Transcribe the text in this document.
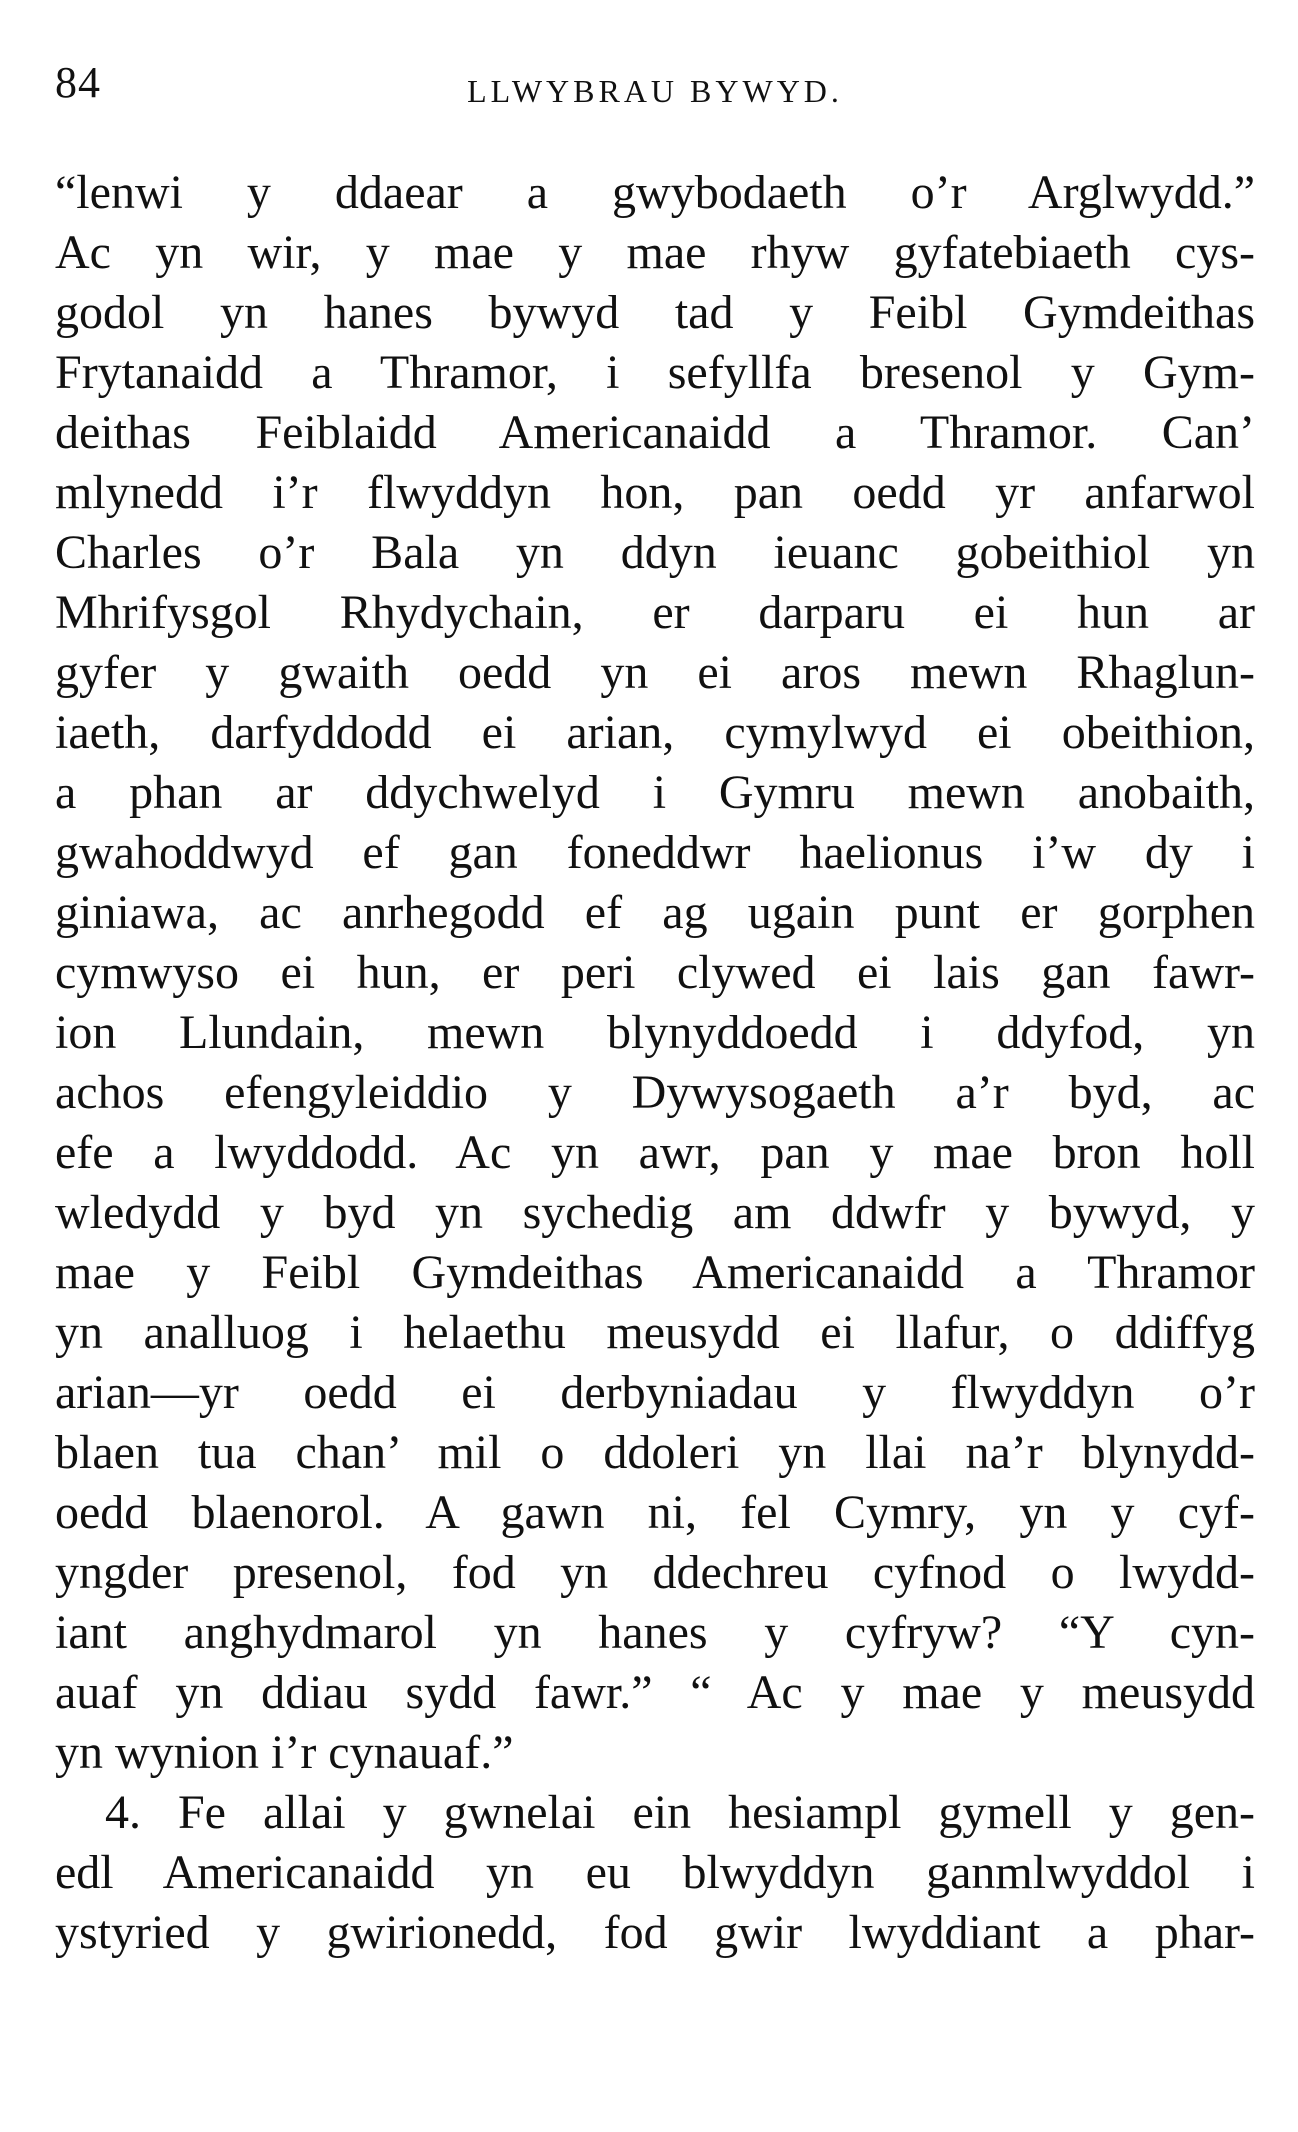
84	LLWYBRAU BYWYD.
“lenwi y ddaear a gwybodaeth o’r Arglwydd.”
Ac yn wir, y mae y mae rhyw gyfatebiaeth cys-
godol yn hanes bywyd tad y Feibl Gymdeithas
Frytanaidd a Thramor, i sefyllfa bresenol y Gym-
deithas Feiblaidd Americanaidd a Thramor. Can’
mlynedd i’r flwyddyn hon, pan oedd yr anfarwol
Charles o’r Bala yn ddyn ieuanc gobeithiol yn
Mhrifysgol Rhydychain, er darparu ei hun ar
gyfer y gwaith oedd yn ei aros mewn Rhaglun-
iaeth, darfyddodd ei arian, cymylwyd ei obeithion,
a phan ar ddychwelyd i Gymru mewn anobaith,
gwahoddwyd ef gan foneddwr haelionus i’w dy i
giniawa, ac anrhegodd ef ag ugain punt er gorphen
cymwyso ei hun, er peri clywed ei lais gan fawr-
ion Llundain, mewn blynyddoedd i ddyfod, yn
achos efengyleiddio y Dywysogaeth a’r byd, ac
efe a lwyddodd. Ac yn awr, pan y mae bron holl
wledydd y byd yn sychedig am ddwfr y bywyd, y
mae y Feibl Gymdeithas Americanaidd a Thramor
yn analluog i helaethu meusydd ei llafur, o ddiffyg
arian—yr oedd ei derbyniadau y flwyddyn o’r
blaen tua chan’ mil o ddoleri yn llai na’r blynydd-
oedd blaenorol. A gawn ni, fel Cymry, yn y cyf-
yngder presenol, fod yn ddechreu cyfnod o lwydd-
iant anghydmarol yn hanes y cyfryw? “Y cyn-
auaf yn ddiau sydd fawr.” “ Ac y mae y meusydd
yn wynion i’r cynauaf.”
4. Fe allai y gwnelai ein hesiampl gymell y gen-
edl Americanaidd yn eu blwyddyn ganmlwyddol i
ystyried y gwirionedd, fod gwir lwyddiant a phar-
